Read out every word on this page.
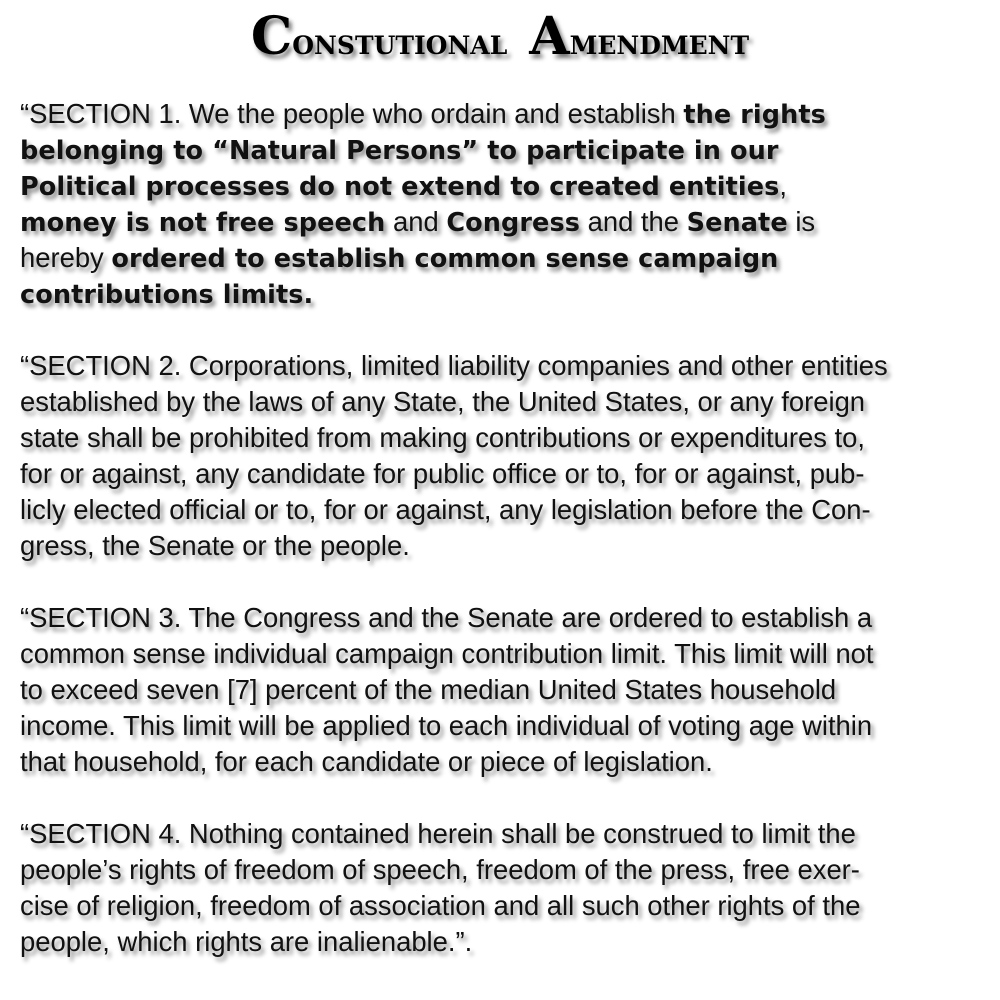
Constutional Amendment
“SECTION 1. We the people who ordain and establish the rights
belonging to “Natural Persons” to participate in our
Political processes do not extend to created entities,
money is not free speech and Congress and the Senate is
hereby ordered to establish common sense campaign
contributions limits.
“SECTION 2. Corporations, limited liability companies and other entities
established by the laws of any State, the United States, or any foreign
state shall be prohibited from making contributions or expenditures to,
for or against, any candidate for public office or to, for or against, pub-
licly elected official or to, for or against, any legislation before the Con-
gress, the Senate or the people.
“SECTION 3. The Congress and the Senate are ordered to establish a
common sense individual campaign contribution limit. This limit will not
to exceed seven [7] percent of the median United States household
income. This limit will be applied to each individual of voting age within
that household, for each candidate or piece of legislation.
“SECTION 4. Nothing contained herein shall be construed to limit the
people’s rights of freedom of speech, freedom of the press, free exer-
cise of religion, freedom of association and all such other rights of the
people, which rights are inalienable.”.
